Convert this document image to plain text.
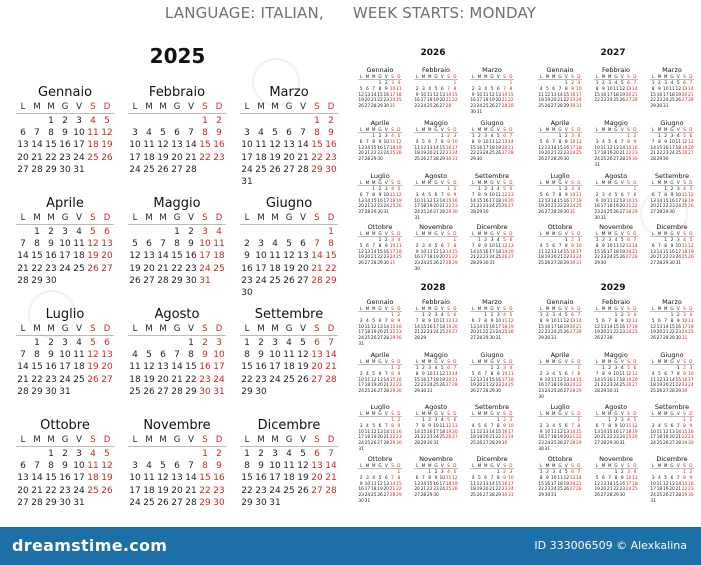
LANGUAGE: ITALIAN, WEEK STARTS: MONDAY
2025
Gennaio
L M M G V S D
1 2 3 4 5
6 7 8 9 10 11 12
13 14 15 16 17 18 19
20 21 22 23 24 25 26
27 28 29 30 31
Febbraio
L M M G V S D
1 2
3 4 5 6 7 8 9
10 11 12 13 14 15 16
17 18 19 20 21 22 23
24 25 26 27 28
Marzo
L M M G V S D
1 2
3 4 5 6 7 8 9
10 11 12 13 14 15 16
17 18 19 20 21 22 23
24 25 26 27 28 29 30
31
Aprile
L M M G V S D
1 2 3 4 5 6
7 8 9 10 11 12 13
14 15 16 17 18 19 20
21 22 23 24 25 26 27
28 29 30
Maggio
L M M G V S D
1 2 3 4
5 6 7 8 9 10 11
12 13 14 15 16 17 18
19 20 21 22 23 24 25
26 27 28 29 30 31
Giugno
L M M G V S D
1
2 3 4 5 6 7 8
9 10 11 12 13 14 15
16 17 18 19 20 21 22
23 24 25 26 27 28 29
30
Luglio
L M M G V S D
1 2 3 4 5 6
7 8 9 10 11 12 13
14 15 16 17 18 19 20
21 22 23 24 25 26 27
28 29 30 31
Agosto
L M M G V S D
1 2 3
4 5 6 7 8 9 10
11 12 13 14 15 16 17
18 19 20 21 22 23 24
25 26 27 28 29 30 31
Settembre
L M M G V S D
1 2 3 4 5 6 7
8 9 10 11 12 13 14
15 16 17 18 19 20 21
22 23 24 25 26 27 28
29 30
Ottobre
L M M G V S D
1 2 3 4 5
6 7 8 9 10 11 12
13 14 15 16 17 18 19
20 21 22 23 24 25 26
27 28 29 30 31
Novembre
L M M G V S D
1 2
3 4 5 6 7 8 9
10 11 12 13 14 15 16
17 18 19 20 21 22 23
24 25 26 27 28 29 30
Dicembre
L M M G V S D
1 2 3 4 5 6 7
8 9 10 11 12 13 14
15 16 17 18 19 20 21
22 23 24 25 26 27 28
29 30 31
2026
Gennaio
L M M G V S D
1 2 3 4
5 6 7 8 9 10 11
12 13 14 15 16 17 18
19 20 21 22 23 24 25
26 27 28 29 30 31
Febbraio
L M M G V S D
1
2 3 4 5 6 7 8
9 10 11 12 13 14 15
16 17 18 19 20 21 22
23 24 25 26 27 28
Marzo
L M M G V S D
1
2 3 4 5 6 7 8
9 10 11 12 13 14 15
16 17 18 19 20 21 22
23 24 25 26 27 28 29
30 31
Aprile
L M M G V S D
1 2 3 4 5
6 7 8 9 10 11 12
13 14 15 16 17 18 19
20 21 22 23 24 25 26
27 28 29 30
Maggio
L M M G V S D
1 2 3
4 5 6 7 8 9 10
11 12 13 14 15 16 17
18 19 20 21 22 23 24
25 26 27 28 29 30 31
Giugno
L M M G V S D
1 2 3 4 5 6 7
8 9 10 11 12 13 14
15 16 17 18 19 20 21
22 23 24 25 26 27 28
29 30
Luglio
L M M G V S D
1 2 3 4 5
6 7 8 9 10 11 12
13 14 15 16 17 18 19
20 21 22 23 24 25 26
27 28 29 30 31
Agosto
L M M G V S D
1 2
3 4 5 6 7 8 9
10 11 12 13 14 15 16
17 18 19 20 21 22 23
24 25 26 27 28 29 30
31
Settembre
L M M G V S D
1 2 3 4 5 6
7 8 9 10 11 12 13
14 15 16 17 18 19 20
21 22 23 24 25 26 27
28 29 30
Ottobre
L M M G V S D
1 2 3 4
5 6 7 8 9 10 11
12 13 14 15 16 17 18
19 20 21 22 23 24 25
26 27 28 29 30 31
Novembre
L M M G V S D
1
2 3 4 5 6 7 8
9 10 11 12 13 14 15
16 17 18 19 20 21 22
23 24 25 26 27 28 29
30
Dicembre
L M M G V S D
1 2 3 4 5 6
7 8 9 10 11 12 13
14 15 16 17 18 19 20
21 22 23 24 25 26 27
28 29 30 31
2027
Gennaio
L M M G V S D
1 2 3
4 5 6 7 8 9 10
11 12 13 14 15 16 17
18 19 20 21 22 23 24
25 26 27 28 29 30 31
Febbraio
L M M G V S D
1 2 3 4 5 6 7
8 9 10 11 12 13 14
15 16 17 18 19 20 21
22 23 24 25 26 27 28
Marzo
L M M G V S D
1 2 3 4 5 6 7
8 9 10 11 12 13 14
15 16 17 18 19 20 21
22 23 24 25 26 27 28
29 30 31
Aprile
L M M G V S D
1 2 3 4
5 6 7 8 9 10 11
12 13 14 15 16 17 18
19 20 21 22 23 24 25
26 27 28 29 30
Maggio
L M M G V S D
1 2
3 4 5 6 7 8 9
10 11 12 13 14 15 16
17 18 19 20 21 22 23
24 25 26 27 28 29 30
31
Giugno
L M M G V S D
1 2 3 4 5 6
7 8 9 10 11 12 13
14 15 16 17 18 19 20
21 22 23 24 25 26 27
28 29 30
Luglio
L M M G V S D
1 2 3 4
5 6 7 8 9 10 11
12 13 14 15 16 17 18
19 20 21 22 23 24 25
26 27 28 29 30 31
Agosto
L M M G V S D
1
2 3 4 5 6 7 8
9 10 11 12 13 14 15
16 17 18 19 20 21 22
23 24 25 26 27 28 29
30 31
Settembre
L M M G V S D
1 2 3 4 5
6 7 8 9 10 11 12
13 14 15 16 17 18 19
20 21 22 23 24 25 26
27 28 29 30
Ottobre
L M M G V S D
1 2 3
4 5 6 7 8 9 10
11 12 13 14 15 16 17
18 19 20 21 22 23 24
25 26 27 28 29 30 31
Novembre
L M M G V S D
1 2 3 4 5 6 7
8 9 10 11 12 13 14
15 16 17 18 19 20 21
22 23 24 25 26 27 28
29 30
Dicembre
L M M G V S D
1 2 3 4 5
6 7 8 9 10 11 12
13 14 15 16 17 18 19
20 21 22 23 24 25 26
27 28 29 30 31
2028
Gennaio
L M M G V S D
1 2
3 4 5 6 7 8 9
10 11 12 13 14 15 16
17 18 19 20 21 22 23
24 25 26 27 28 29 30
31
Febbraio
L M M G V S D
1 2 3 4 5 6
7 8 9 10 11 12 13
14 15 16 17 18 19 20
21 22 23 24 25 26 27
28 29
Marzo
L M M G V S D
1 2 3 4 5
6 7 8 9 10 11 12
13 14 15 16 17 18 19
20 21 22 23 24 25 26
27 28 29 30 31
Aprile
L M M G V S D
1 2
3 4 5 6 7 8 9
10 11 12 13 14 15 16
17 18 19 20 21 22 23
24 25 26 27 28 29 30
Maggio
L M M G V S D
1 2 3 4 5 6 7
8 9 10 11 12 13 14
15 16 17 18 19 20 21
22 23 24 25 26 27 28
29 30 31
Giugno
L M M G V S D
1 2 3 4
5 6 7 8 9 10 11
12 13 14 15 16 17 18
19 20 21 22 23 24 25
26 27 28 29 30
Luglio
L M M G V S D
1 2
3 4 5 6 7 8 9
10 11 12 13 14 15 16
17 18 19 20 21 22 23
24 25 26 27 28 29 30
31
Agosto
L M M G V S D
1 2 3 4 5 6
7 8 9 10 11 12 13
14 15 16 17 18 19 20
21 22 23 24 25 26 27
28 29 30 31
Settembre
L M M G V S D
1 2 3
4 5 6 7 8 9 10
11 12 13 14 15 16 17
18 19 20 21 22 23 24
25 26 27 28 29 30
Ottobre
L M M G V S D
1
2 3 4 5 6 7 8
9 10 11 12 13 14 15
16 17 18 19 20 21 22
23 24 25 26 27 28 29
30 31
Novembre
L M M G V S D
1 2 3 4 5
6 7 8 9 10 11 12
13 14 15 16 17 18 19
20 21 22 23 24 25 26
27 28 29 30
Dicembre
L M M G V S D
1 2 3
4 5 6 7 8 9 10
11 12 13 14 15 16 17
18 19 20 21 22 23 24
25 26 27 28 29 30 31
2029
Gennaio
L M M G V S D
1 2 3 4 5 6 7
8 9 10 11 12 13 14
15 16 17 18 19 20 21
22 23 24 25 26 27 28
29 30 31
Febbraio
L M M G V S D
1 2 3 4
5 6 7 8 9 10 11
12 13 14 15 16 17 18
19 20 21 22 23 24 25
26 27 28
Marzo
L M M G V S D
1 2 3 4
5 6 7 8 9 10 11
12 13 14 15 16 17 18
19 20 21 22 23 24 25
26 27 28 29 30 31
Aprile
L M M G V S D
1
2 3 4 5 6 7 8
9 10 11 12 13 14 15
16 17 18 19 20 21 22
23 24 25 26 27 28 29
30
Maggio
L M M G V S D
1 2 3 4 5 6
7 8 9 10 11 12 13
14 15 16 17 18 19 20
21 22 23 24 25 26 27
28 29 30 31
Giugno
L M M G V S D
1 2 3
4 5 6 7 8 9 10
11 12 13 14 15 16 17
18 19 20 21 22 23 24
25 26 27 28 29 30
Luglio
L M M G V S D
1
2 3 4 5 6 7 8
9 10 11 12 13 14 15
16 17 18 19 20 21 22
23 24 25 26 27 28 29
30 31
Agosto
L M M G V S D
1 2 3 4 5
6 7 8 9 10 11 12
13 14 15 16 17 18 19
20 21 22 23 24 25 26
27 28 29 30 31
Settembre
L M M G V S D
1 2
3 4 5 6 7 8 9
10 11 12 13 14 15 16
17 18 19 20 21 22 23
24 25 26 27 28 29 30
Ottobre
L M M G V S D
1 2 3 4 5 6 7
8 9 10 11 12 13 14
15 16 17 18 19 20 21
22 23 24 25 26 27 28
29 30 31
Novembre
L M M G V S D
1 2 3 4
5 6 7 8 9 10 11
12 13 14 15 16 17 18
19 20 21 22 23 24 25
26 27 28 29 30
Dicembre
L M M G V S D
1 2
3 4 5 6 7 8 9
10 11 12 13 14 15 16
17 18 19 20 21 22 23
24 25 26 27 28 29 30
31
dreamstime.com	ID 333006509 © Alexkalina
